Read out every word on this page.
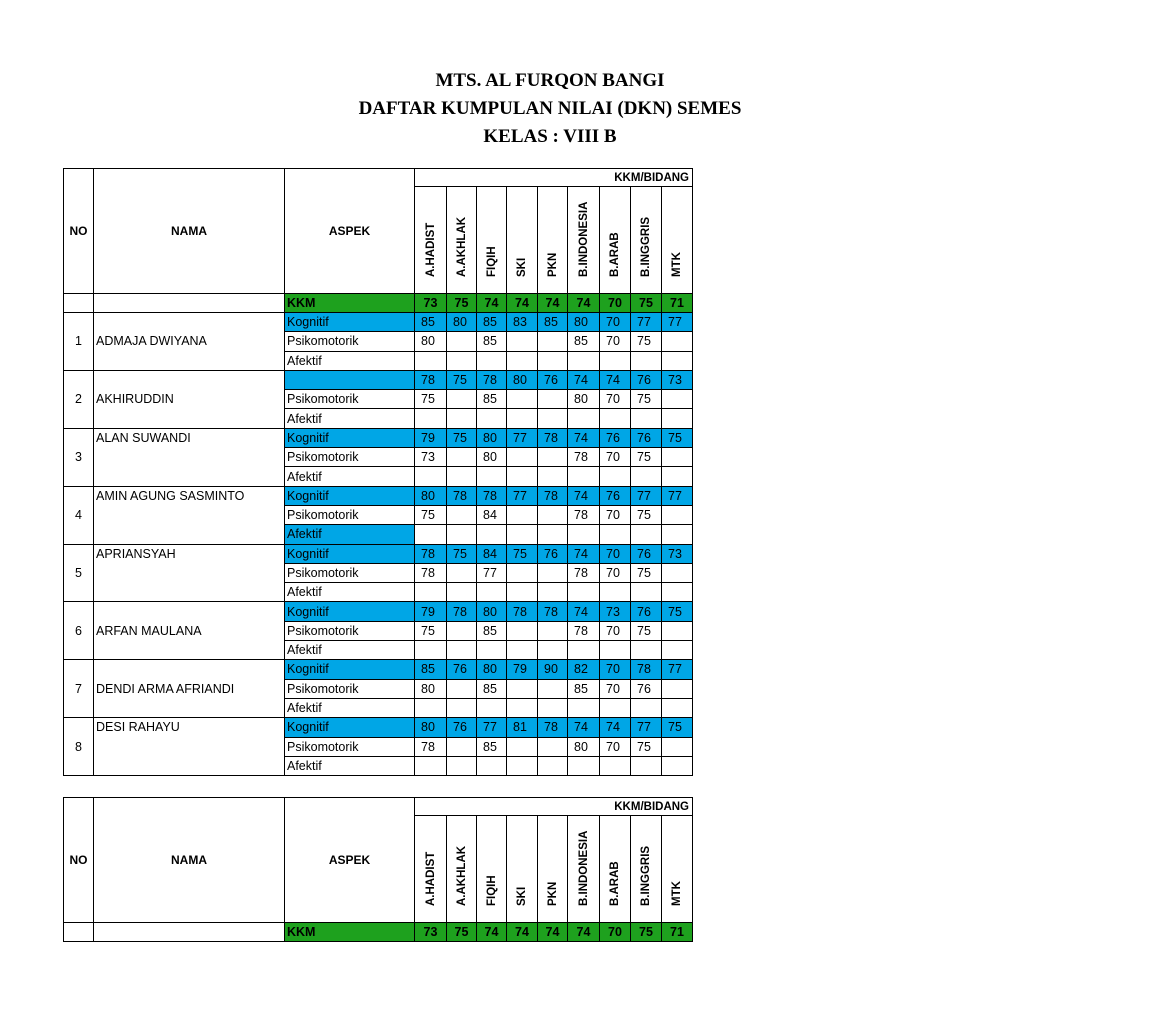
MTS. AL FURQON BANGI
DAFTAR KUMPULAN NILAI (DKN) SEMES
KELAS : VIII B
NO	NAMA	ASPEK	KKM/BIDANG								

			A.HADIST	A.AKHLAK	FIQIH	SKI	PKN	B.INDONESIA	B.ARAB	B.INGGRIS	MTK

		KKM	73	75	74	74	74	74	70	75	71
1	ADMAJA DWIYANA	Kognitif	85	80	85	83	85	80	70	77	77
		Psikomotorik	80		85			85	70	75	
		Afektif									
2	AKHIRUDDIN		78	75	78	80	76	74	74	76	73
		Psikomotorik	75		85			80	70	75	
		Afektif									
3	ALAN SUWANDI	Kognitif	79	75	80	77	78	74	76	76	75
		Psikomotorik	73		80			78	70	75	
		Afektif									
4	AMIN AGUNG SASMINTO	Kognitif	80	78	78	77	78	74	76	77	77
		Psikomotorik	75		84			78	70	75	
		Afektif									
5	APRIANSYAH	Kognitif	78	75	84	75	76	74	70	76	73
		Psikomotorik	78		77			78	70	75	
		Afektif									
6	ARFAN MAULANA	Kognitif	79	78	80	78	78	74	73	76	75
		Psikomotorik	75		85			78	70	75	
		Afektif									
7	DENDI ARMA AFRIANDI	Kognitif	85	76	80	79	90	82	70	78	77
		Psikomotorik	80		85			85	70	76	
		Afektif									
8	DESI RAHAYU	Kognitif	80	76	77	81	78	74	74	77	75
		Psikomotorik	78		85			80	70	75	
		Afektif									
NO	NAMA	ASPEK	KKM/BIDANG								

			A.HADIST	A.AKHLAK	FIQIH	SKI	PKN	B.INDONESIA	B.ARAB	B.INGGRIS	MTK

		KKM	73	75	74	74	74	74	70	75	71
